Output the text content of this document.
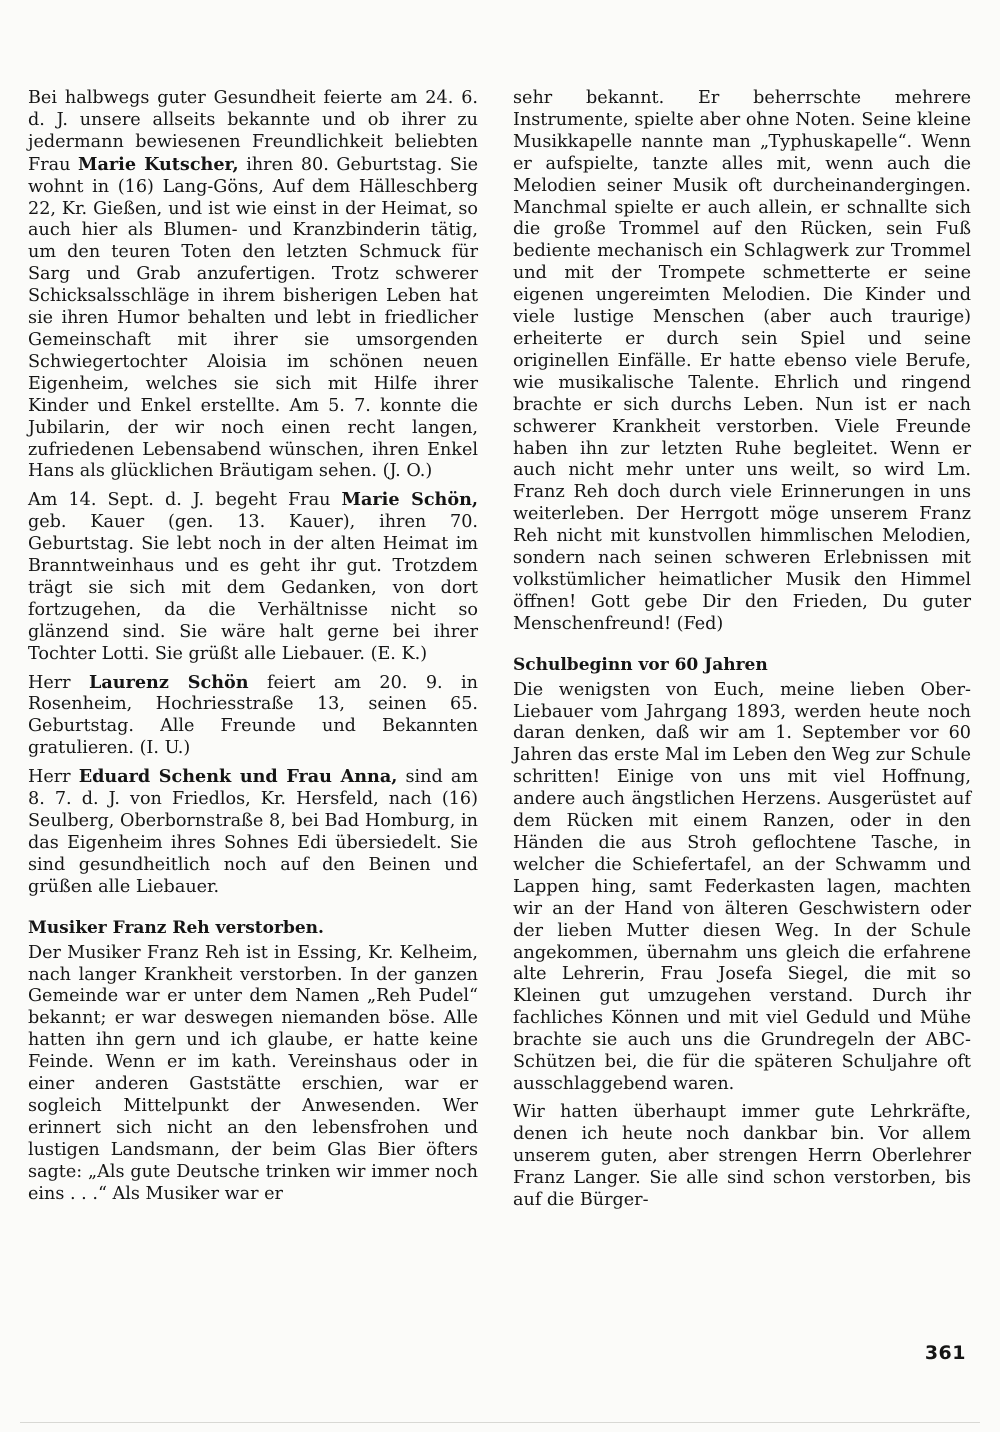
Bei halbwegs guter Gesundheit feierte am 24. 6. d. J. unsere allseits bekannte und ob ihrer zu jedermann bewiesenen Freundlichkeit beliebten Frau Marie Kutscher, ihren 80. Geburtstag. Sie wohnt in (16) Lang-Göns, Auf dem Hälleschberg 22, Kr. Gießen, und ist wie einst in der Heimat, so auch hier als Blumen- und Kranzbinderin tätig, um den teuren Toten den letzten Schmuck für Sarg und Grab anzufertigen. Trotz schwerer Schicksalsschläge in ihrem bisherigen Leben hat sie ihren Humor behalten und lebt in friedlicher Gemeinschaft mit ihrer sie umsorgenden Schwiegertochter Aloisia im schönen neuen Eigenheim, welches sie sich mit Hilfe ihrer Kinder und Enkel erstellte. Am 5. 7. konnte die Jubilarin, der wir noch einen recht langen, zufriedenen Lebensabend wünschen, ihren Enkel Hans als glücklichen Bräutigam sehen. (J. O.)

Am 14. Sept. d. J. begeht Frau Marie Schön, geb. Kauer (gen. 13. Kauer), ihren 70. Geburtstag. Sie lebt noch in der alten Heimat im Branntweinhaus und es geht ihr gut. Trotzdem trägt sie sich mit dem Gedanken, von dort fortzugehen, da die Verhältnisse nicht so glänzend sind. Sie wäre halt gerne bei ihrer Tochter Lotti. Sie grüßt alle Liebauer. (E. K.)

Herr Laurenz Schön feiert am 20. 9. in Rosenheim, Hochriesstraße 13, seinen 65. Geburtstag. Alle Freunde und Bekannten gratulieren. (I. U.)

Herr Eduard Schenk und Frau Anna, sind am 8. 7. d. J. von Friedlos, Kr. Hersfeld, nach (16) Seulberg, Oberbornstraße 8, bei Bad Homburg, in das Eigenheim ihres Sohnes Edi übersiedelt. Sie sind gesundheitlich noch auf den Beinen und grüßen alle Liebauer.

Musiker Franz Reh verstorben.

Der Musiker Franz Reh ist in Essing, Kr. Kelheim, nach langer Krankheit verstorben. In der ganzen Gemeinde war er unter dem Namen „Reh Pudel“ bekannt; er war deswegen niemanden böse. Alle hatten ihn gern und ich glaube, er hatte keine Feinde. Wenn er im kath. Vereinshaus oder in einer anderen Gaststätte erschien, war er sogleich Mittelpunkt der Anwesenden. Wer erinnert sich nicht an den lebensfrohen und lustigen Landsmann, der beim Glas Bier öfters sagte: „Als gute Deutsche trinken wir immer noch eins . . .“ Als Musiker war er

sehr bekannt. Er beherrschte mehrere Instrumente, spielte aber ohne Noten. Seine kleine Musikkapelle nannte man „Typhuskapelle“. Wenn er aufspielte, tanzte alles mit, wenn auch die Melodien seiner Musik oft durcheinandergingen. Manchmal spielte er auch allein, er schnallte sich die große Trommel auf den Rücken, sein Fuß bediente mechanisch ein Schlagwerk zur Trommel und mit der Trompete schmetterte er seine eigenen ungereimten Melodien. Die Kinder und viele lustige Menschen (aber auch traurige) erheiterte er durch sein Spiel und seine originellen Einfälle. Er hatte ebenso viele Berufe, wie musikalische Talente. Ehrlich und ringend brachte er sich durchs Leben. Nun ist er nach schwerer Krankheit verstorben. Viele Freunde haben ihn zur letzten Ruhe begleitet. Wenn er auch nicht mehr unter uns weilt, so wird Lm. Franz Reh doch durch viele Erinnerungen in uns weiterleben. Der Herrgott möge unserem Franz Reh nicht mit kunstvollen himmlischen Melodien, sondern nach seinen schweren Erlebnissen mit volkstümlicher heimatlicher Musik den Himmel öffnen! Gott gebe Dir den Frieden, Du guter Menschenfreund! (Fed)

Schulbeginn vor 60 Jahren

Die wenigsten von Euch, meine lieben Ober-Liebauer vom Jahrgang 1893, werden heute noch daran denken, daß wir am 1. September vor 60 Jahren das erste Mal im Leben den Weg zur Schule schritten! Einige von uns mit viel Hoffnung, andere auch ängstlichen Herzens. Ausgerüstet auf dem Rücken mit einem Ranzen, oder in den Händen die aus Stroh geflochtene Tasche, in welcher die Schiefertafel, an der Schwamm und Lappen hing, samt Federkasten lagen, machten wir an der Hand von älteren Geschwistern oder der lieben Mutter diesen Weg. In der Schule angekommen, übernahm uns gleich die erfahrene alte Lehrerin, Frau Josefa Siegel, die mit so Kleinen gut umzugehen verstand. Durch ihr fachliches Können und mit viel Geduld und Mühe brachte sie auch uns die Grundregeln der ABC-Schützen bei, die für die späteren Schuljahre oft ausschlaggebend waren.

Wir hatten überhaupt immer gute Lehrkräfte, denen ich heute noch dankbar bin. Vor allem unserem guten, aber strengen Herrn Oberlehrer Franz Langer. Sie alle sind schon verstorben, bis auf die Bürger-

361
